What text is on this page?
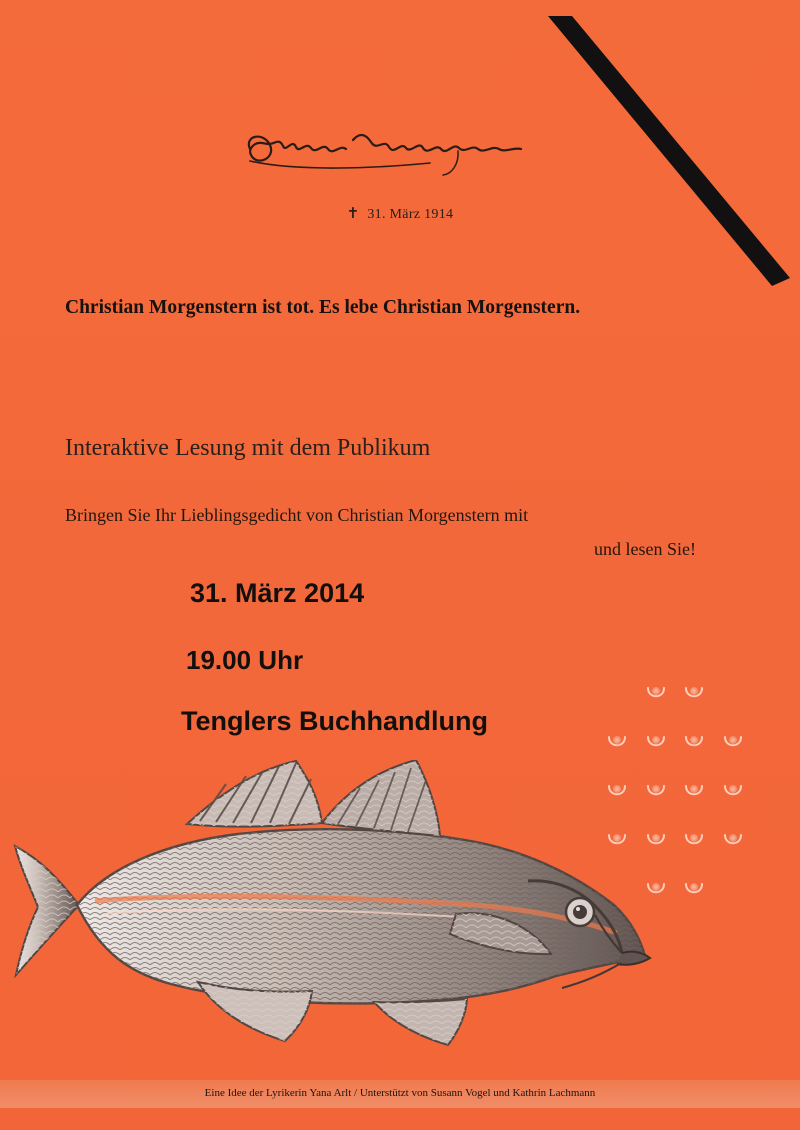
✝ 31. März 1914
Christian Morgenstern ist tot. Es lebe Christian Morgenstern.
Interaktive Lesung mit dem Publikum
Bringen Sie Ihr Lieblingsgedicht von Christian Morgenstern mit
und lesen Sie!
31. März 2014
19.00 Uhr
Tenglers Buchhandlung
Eine Idee der Lyrikerin Yana Arlt / Unterstützt von Susann Vogel und Kathrin Lachmann
